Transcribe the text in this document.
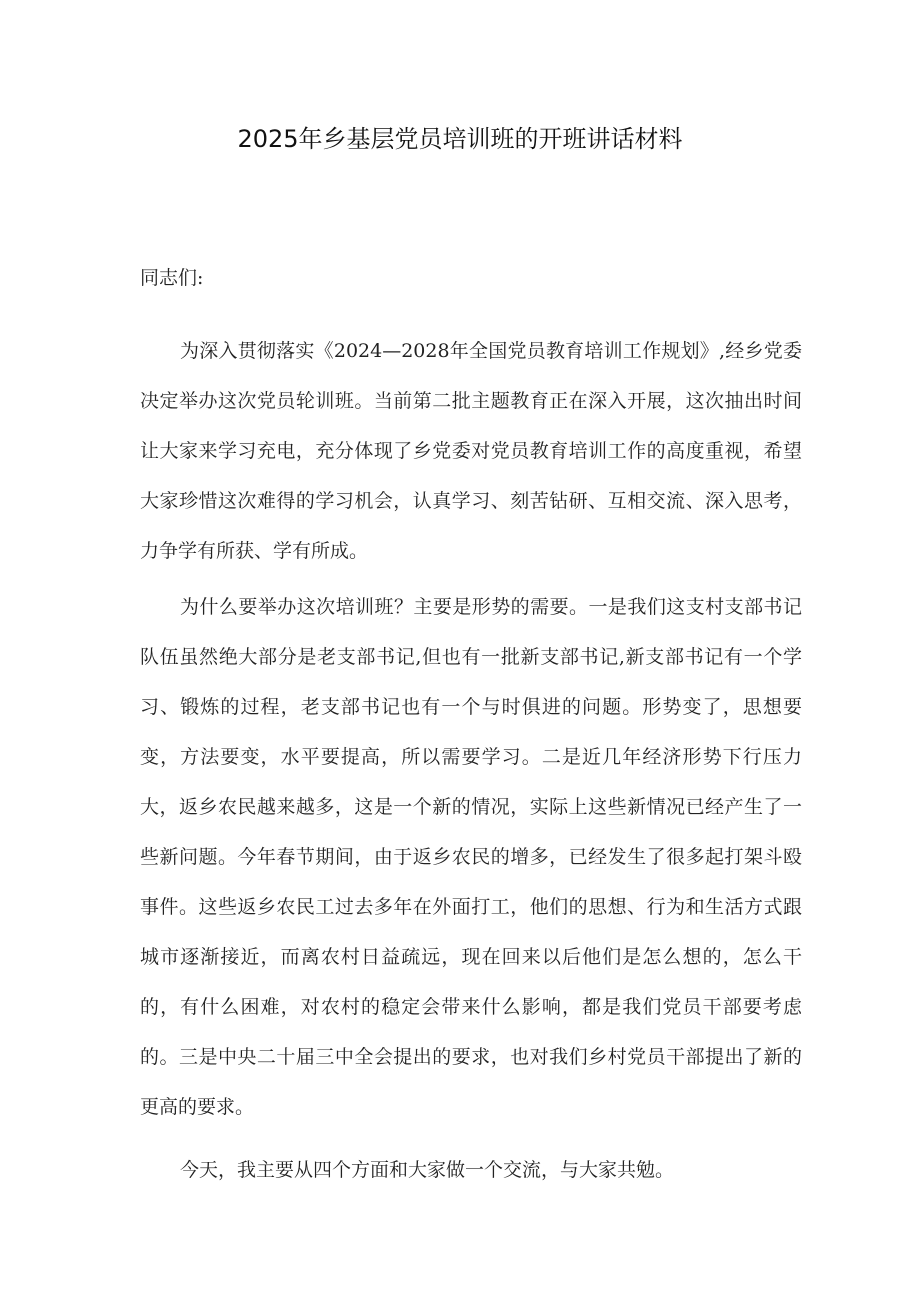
2025年乡基层党员培训班的开班讲话材料

同志们:

为深入贯彻落实《2024—2028年全国党员教育培训工作规划》,经乡党委决定举办这次党员轮训班。当前第二批主题教育正在深入开展，这次抽出时间让大家来学习充电，充分体现了乡党委对党员教育培训工作的高度重视，希望大家珍惜这次难得的学习机会，认真学习、刻苦钻研、互相交流、深入思考，力争学有所获、学有所成。

为什么要举办这次培训班？主要是形势的需要。一是我们这支村支部书记队伍虽然绝大部分是老支部书记,但也有一批新支部书记,新支部书记有一个学习、锻炼的过程，老支部书记也有一个与时俱进的问题。形势变了，思想要变，方法要变，水平要提高，所以需要学习。二是近几年经济形势下行压力大，返乡农民越来越多，这是一个新的情况，实际上这些新情况已经产生了一些新问题。今年春节期间，由于返乡农民的增多，已经发生了很多起打架斗殴事件。这些返乡农民工过去多年在外面打工，他们的思想、行为和生活方式跟城市逐渐接近，而离农村日益疏远，现在回来以后他们是怎么想的，怎么干的，有什么困难，对农村的稳定会带来什么影响，都是我们党员干部要考虑的。三是中央二十届三中全会提出的要求，也对我们乡村党员干部提出了新的更高的要求。

今天，我主要从四个方面和大家做一个交流，与大家共勉。
